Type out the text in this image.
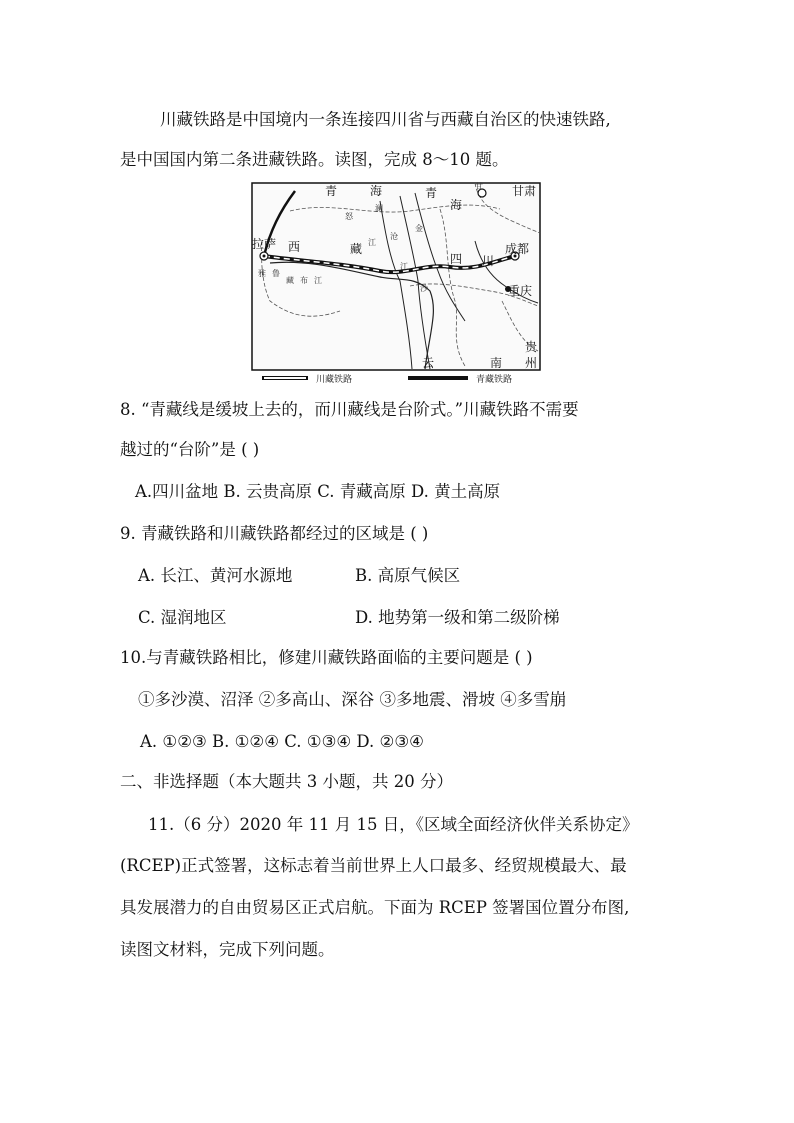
川藏铁路是中国境内一条连接四川省与西藏自治区的快速铁路,
是中国国内第二条进藏铁路。读图，完成 8～10 题。
青	海	青
海
甘 甘肃
拉萨 西	藏
四 川
成都
重庆
云	南
贵
州
怒
澜
沧
江
金
沙
江
雅 鲁
藏 布 江
川藏铁路	青藏铁路
8. “青藏线是缓坡上去的，而川藏线是台阶式。”川藏铁路不需要
越过的“台阶”是 ( )
A.四川盆地 B. 云贵高原 C. 青藏高原 D. 黄土高原
9. 青藏铁路和川藏铁路都经过的区域是 ( )
A. 长江、黄河水源地	B. 高原气候区
C. 湿润地区	D. 地势第一级和第二级阶梯
10.与青藏铁路相比，修建川藏铁路面临的主要问题是 ( )
①多沙漠、沼泽 ②多高山、深谷 ③多地震、滑坡 ④多雪崩
A. ①②③ B. ①②④ C. ①③④ D. ②③④
二、非选择题（本大题共 3 小题，共 20 分）
11.（6 分）2020 年 11 月 15 日，《区域全面经济伙伴关系协定》
(RCEP)正式签署，这标志着当前世界上人口最多、经贸规模最大、最
具发展潜力的自由贸易区正式启航。下面为 RCEP 签署国位置分布图,
读图文材料，完成下列问题。
